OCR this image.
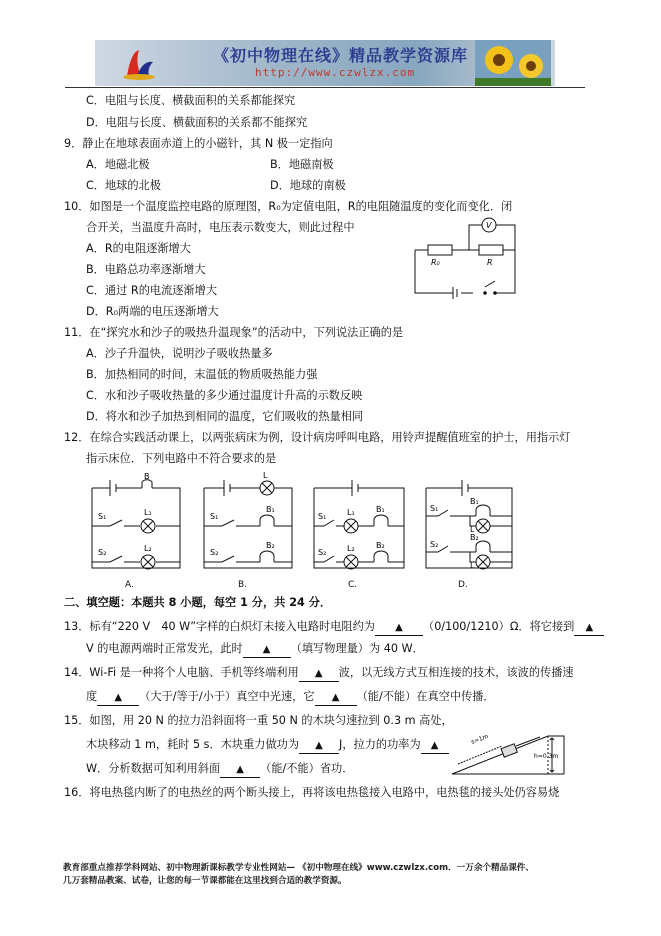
《初中物理在线》精品教学资源库
http://www.czwlzx.com
C．电阻与长度、横截面积的关系都能探究
D．电阻与长度、横截面积的关系都不能探究
9．静止在地球表面赤道上的小磁针，其 N 极一定指向
A．地磁北极	B．地磁南极
C．地球的北极	D．地球的南极
10．如图是一个温度监控电路的原理图，R₀为定值电阻，R的电阻随温度的变化而变化．闭
合开关，当温度升高时，电压表示数变大，则此过程中
A．R的电阻逐渐增大
B．电路总功率逐渐增大
C．通过 R的电流逐渐增大
D．R₀两端的电压逐渐增大
V
R₀	R
11．在“探究水和沙子的吸热升温现象”的活动中，下列说法正确的是
A．沙子升温快，说明沙子吸收热量多
B．加热相同的时间，末温低的物质吸热能力强
C．水和沙子吸收热量的多少通过温度计升高的示数反映
D．将水和沙子加热到相同的温度，它们吸收的热量相同
12．在综合实践活动课上，以两张病床为例，设计病房呼叫电路，用铃声提醒值班室的护士，用指示灯
指示床位．下列电路中不符合要求的是
B
S₁	L₁
S₂	L₂
A.
L
S₁
B₁
S₂
B₂
B.
S₁	L₁	B₁
S₂	L₂	B₂
C.
S₁
B₁
L
S₂
B₂
L
D.
二、填空题：本题共 8 小题，每空 1 分，共 24 分．
13．标有“220 V　40 W”字样的白炽灯未接入电路时电阻约为 ▲ （0/100/1210）Ω．将它接到 ▲
V 的电源两端时正常发光，此时 ▲ （填写物理量）为 40 W．
14．Wi-Fi 是一种将个人电脑、手机等终端利用 ▲ 波，以无线方式互相连接的技术，该波的传播速
度 ▲ （大于/等于/小于）真空中光速，它 ▲ （能/不能）在真空中传播．
15．如图，用 20 N 的拉力沿斜面将一重 50 N 的木块匀速拉到 0.3 m 高处，
木块移动 1 m，耗时 5 s．木块重力做功为 ▲ J，拉力的功率为 ▲
W．分析数据可知利用斜面 ▲ （能/不能）省功．
s=1m
h=0.3m
16．将电热毯内断了的电热丝的两个断头接上，再将该电热毯接入电路中，电热毯的接头处仍容易烧
教育部重点推荐学科网站、初中物理新课标教学专业性网站— 《初中物理在线》www.czwlzx.com．一万余个精品课件、
几万套精品教案、试卷，让您的每一节课都能在这里找到合适的教学资源。
